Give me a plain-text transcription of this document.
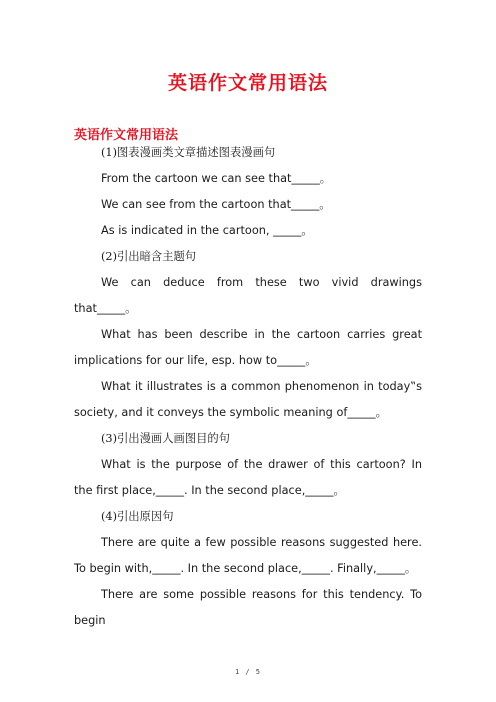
英语作文常用语法
英语作文常用语法

(1)图表漫画类文章描述图表漫画句

From the cartoon we can see that_____。

We can see from the cartoon that_____。

As is indicated in the cartoon, _____。

(2)引出暗含主题句

We can deduce from these two vivid drawings that_____。

What has been describe in the cartoon carries great implications for our life, esp. how to_____。

What it illustrates is a common phenomenon in today‟s society, and it conveys the symbolic meaning of_____。

(3)引出漫画人画图目的句

What is the purpose of the drawer of this cartoon? In the first place,_____. In the second place,_____。

(4)引出原因句

There are quite a few possible reasons suggested here. To begin with,_____. In the second place,_____. Finally,_____。

There are some possible reasons for this tendency. To begin

1 / 5
